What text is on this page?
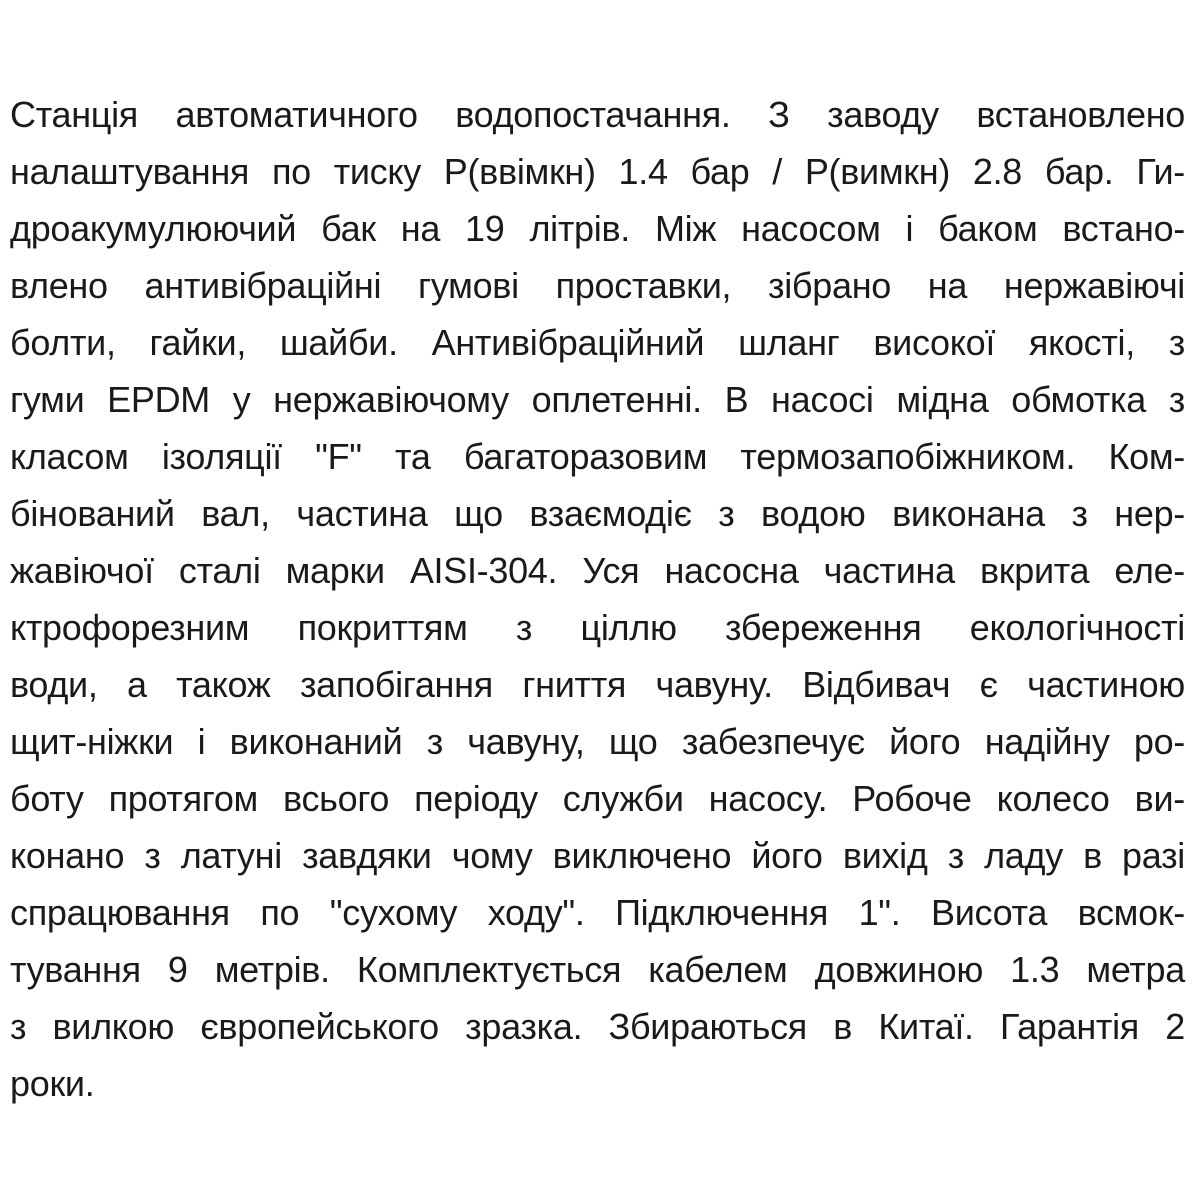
Станція автоматичного водопостачання. З заводу встановлено
налаштування по тиску Р(ввімкн) 1.4 бар / Р(вимкн) 2.8 бар. Ги-
дроакумулюючий бак на 19 літрів. Між насосом і баком встано-
влено антивібраційні гумові проставки, зібрано на нержавіючі
болти, гайки, шайби. Антивібраційний шланг високої якості, з
гуми EPDM у нержавіючому оплетенні. В насосі мідна обмотка з
класом ізоляції "F" та багаторазовим термозапобіжником. Ком-
бінований вал, частина що взаємодіє з водою виконана з нер-
жавіючої сталі марки AISI-304. Уся насосна частина вкрита еле-
ктрофорезним покриттям з ціллю збереження екологічності
води, а також запобігання гниття чавуну. Відбивач є частиною
щит-ніжки і виконаний з чавуну, що забезпечує його надійну ро-
боту протягом всього періоду служби насосу. Робоче колесо ви-
конано з латуні завдяки чому виключено його вихід з ладу в разі
спрацювання по "сухому ходу". Підключення 1". Висота всмок-
тування 9 метрів. Комплектується кабелем довжиною 1.3 метра
з вилкою європейського зразка. Збираються в Китаї. Гарантія 2
роки.
